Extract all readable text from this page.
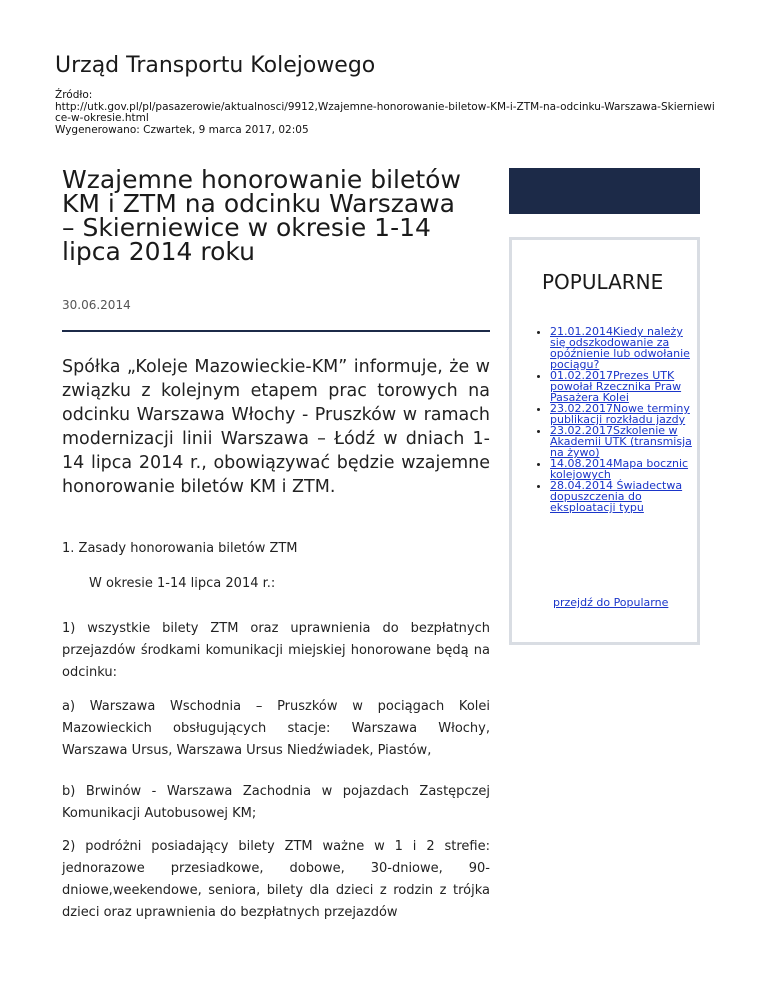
Urząd Transportu Kolejowego
Źródło:

http://utk.gov.pl/pl/pasazerowie/aktualnosci/9912,Wzajemne-honorowanie-biletow-KM-i-ZTM-na-odcinku-Warszawa-Skierniewice-w-okresie.html
Wygenerowano: Czwartek, 9 marca 2017, 02:05
Wzajemne honorowanie biletów KM i ZTM na odcinku Warszawa – Skierniewice w okresie 1-14 lipca 2014 roku
30.06.2014
Spółka „Koleje Mazowieckie-KM” informuje, że w związku z kolejnym etapem prac torowych na odcinku Warszawa Włochy - Pruszków w ramach modernizacji linii Warszawa – Łódź w dniach 1-14 lipca 2014 r., obowiązywać będzie wzajemne honorowanie biletów KM i ZTM.
1. Zasady honorowania biletów ZTM
W okresie 1-14 lipca 2014 r.:
1) wszystkie bilety ZTM oraz uprawnienia do bezpłatnych przejazdów środkami komunikacji miejskiej honorowane będą na odcinku:
a) Warszawa Wschodnia – Pruszków w pociągach Kolei Mazowieckich obsługujących stacje: Warszawa Włochy, Warszawa Ursus, Warszawa Ursus Niedźwiadek, Piastów,
b) Brwinów - Warszawa Zachodnia w pojazdach Zastępczej Komunikacji Autobusowej KM;
2) podróżni posiadający bilety ZTM ważne w 1 i 2 strefie: jednorazowe przesiadkowe, dobowe, 30-dniowe, 90-dniowe,weekendowe, seniora, bilety dla dzieci z rodzin z trójka dzieci oraz uprawnienia do bezpłatnych przejazdów
POPULARNE
• 21.01.2014Kiedy należy się odszkodowanie za opóźnienie lub odwołanie pociągu?
• 01.02.2017Prezes UTK powołał Rzecznika Praw Pasażera Kolei
• 23.02.2017Nowe terminy publikacji rozkładu jazdy
• 23.02.2017Szkolenie w Akademii UTK (transmisja na żywo)
• 14.08.2014Mapa bocznic kolejowych
• 28.04.2014 Świadectwa dopuszczenia do eksploatacji typu
przejdź do Popularne
